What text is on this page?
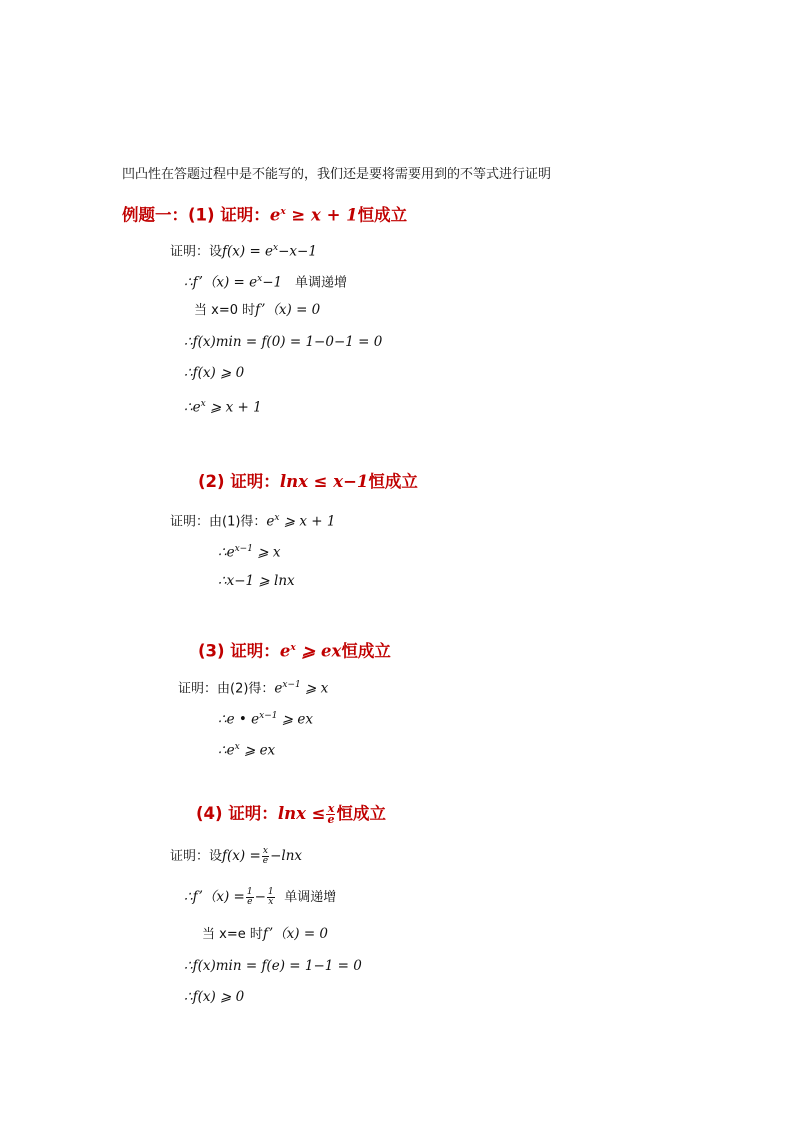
凹凸性在答题过程中是不能写的，我们还是要将需要用到的不等式进行证明
例题一：(1) 证明：$e^x \ge x + 1$恒成立
证明：设$f(x) = e^x-x-1$
∴f’（x) = $e^x-1$ 单调递增
当 x=0 时f’（x) = 0
∴f(x)min = f(0) = 1−0−1 = 0
∴f(x) ⩾ 0
$\therefore e^x$ ⩾ x + 1
(2) 证明：lnx ≤ x−1恒成立
证明：由(1)得：$e^x$ ⩾ x + 1
$\therefore e^{x-1}$ ⩾ x
∴x−1 ⩾ lnx
(3) 证明：$e^x$ ⩾ ex恒成立
证明：由(2)得：$e^{x-1}$ ⩾ x
∴e • $e^{x-1}$ ⩾ ex
$\therefore e^x$ ⩾ ex
(4) 证明：$\ln x \le \frac{x}{e}$ 恒成立
证明：设$f(x) = \frac{x}{e} -\ln x$
∴f’（x) = $\frac{1}{e} - \frac{1}{x}$ 单调递增
当 x=e 时f’（x) = 0
∴f(x)min = f(e) = 1−1 = 0
∴f(x) ⩾ 0
